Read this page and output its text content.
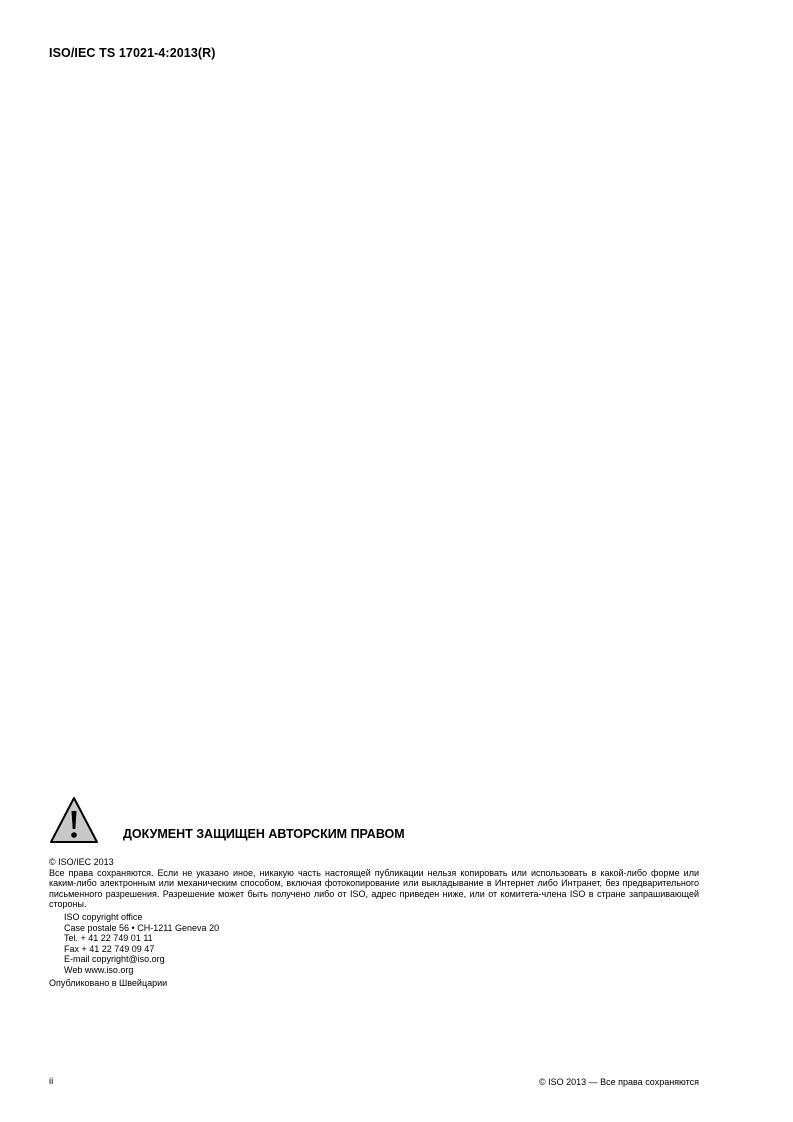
ISO/IEC TS 17021-4:2013(R)
ДОКУМЕНТ ЗАЩИЩЕН АВТОРСКИМ ПРАВОМ
© ISO/IEC 2013

Все права сохраняются. Если не указано иное, никакую часть настоящей публикации нельзя копировать или использовать в какой-либо форме или каким-либо электронным или механическим способом, включая фотокопирование или выкладывание в Интернет либо Интранет, без предварительного письменного разрешения. Разрешение может быть получено либо от ISO, адрес приведен ниже, или от комитета-члена ISO в стране запрашивающей стороны.

ISO copyright office
Case postale 56 • CH-1211 Geneva 20
Tel. + 41 22 749 01 11
Fax + 41 22 749 09 47
E-mail copyright@iso.org
Web www.iso.org
Опубликовано в Швейцарии
ii	© ISO 2013 — Все права сохраняются
